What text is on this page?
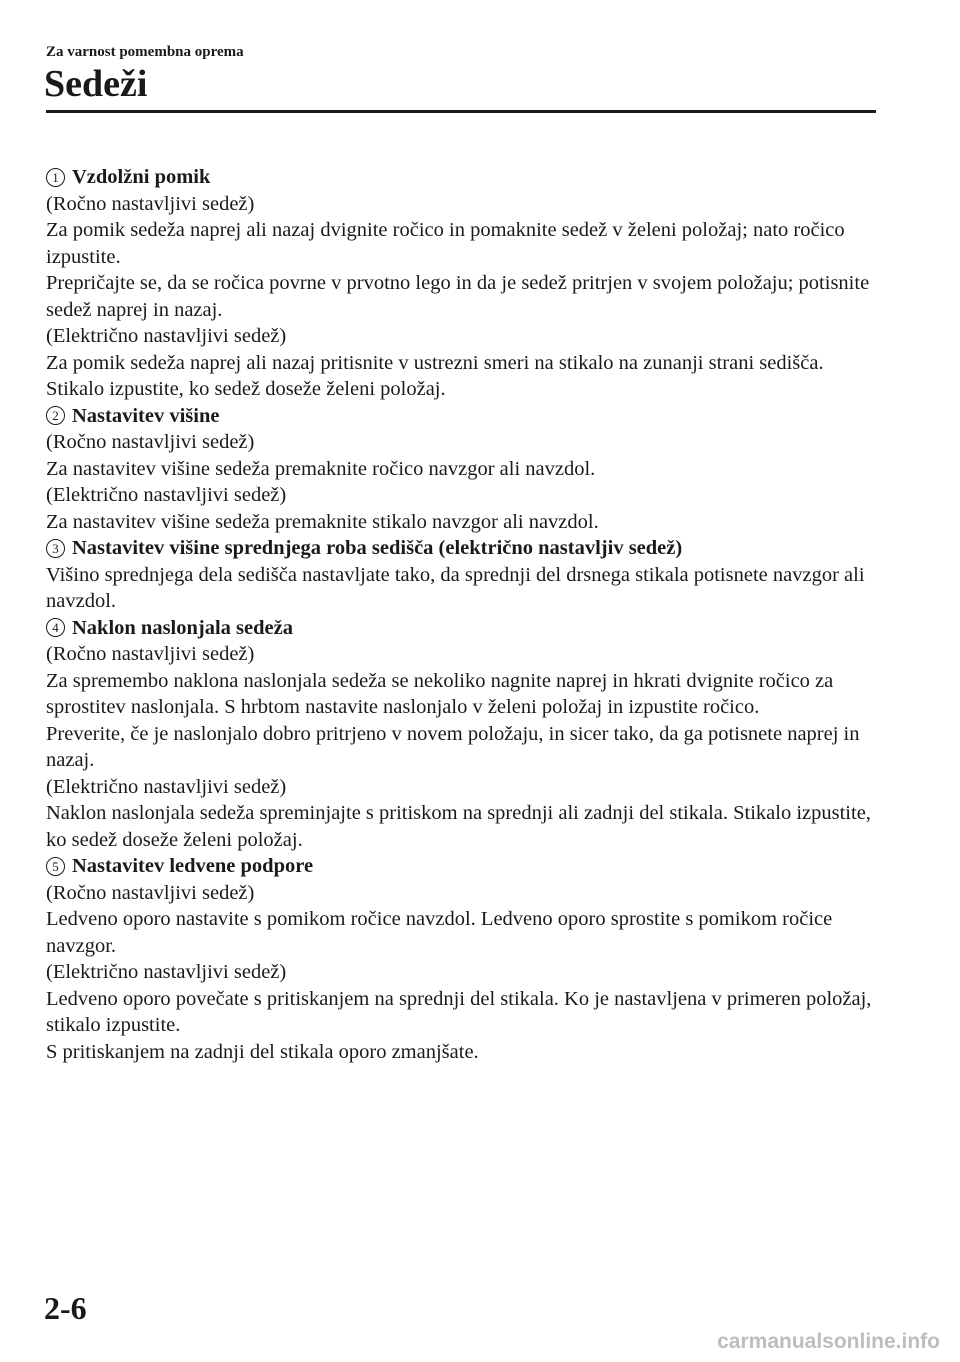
Za varnost pomembna oprema
Sedeži
1 Vzdolžni pomik

(Ročno nastavljivi sedež)

Za pomik sedeža naprej ali nazaj dvignite ročico in pomaknite sedež v želeni položaj; nato ročico izpustite.

Prepričajte se, da se ročica povrne v prvotno lego in da je sedež pritrjen v svojem položaju; potisnite sedež naprej in nazaj.

(Električno nastavljivi sedež)

Za pomik sedeža naprej ali nazaj pritisnite v ustrezni smeri na stikalo na zunanji strani sedišča. Stikalo izpustite, ko sedež doseže želeni položaj.

2 Nastavitev višine

(Ročno nastavljivi sedež)

Za nastavitev višine sedeža premaknite ročico navzgor ali navzdol.

(Električno nastavljivi sedež)

Za nastavitev višine sedeža premaknite stikalo navzgor ali navzdol.

3 Nastavitev višine sprednjega roba sedišča (električno nastavljiv sedež)

Višino sprednjega dela sedišča nastavljate tako, da sprednji del drsnega stikala potisnete navzgor ali navzdol.

4 Naklon naslonjala sedeža

(Ročno nastavljivi sedež)

Za spremembo naklona naslonjala sedeža se nekoliko nagnite naprej in hkrati dvignite ročico za sprostitev naslonjala. S hrbtom nastavite naslonjalo v želeni položaj in izpustite ročico.

Preverite, če je naslonjalo dobro pritrjeno v novem položaju, in sicer tako, da ga potisnete naprej in nazaj.

(Električno nastavljivi sedež)

Naklon naslonjala sedeža spreminjajte s pritiskom na sprednji ali zadnji del stikala. Stikalo izpustite, ko sedež doseže želeni položaj.

5 Nastavitev ledvene podpore

(Ročno nastavljivi sedež)

Ledveno oporo nastavite s pomikom ročice navzdol. Ledveno oporo sprostite s pomikom ročice navzgor.

(Električno nastavljivi sedež)

Ledveno oporo povečate s pritiskanjem na sprednji del stikala. Ko je nastavljena v primeren položaj, stikalo izpustite.

S pritiskanjem na zadnji del stikala oporo zmanjšate.

2-6
carmanualsonline.info
